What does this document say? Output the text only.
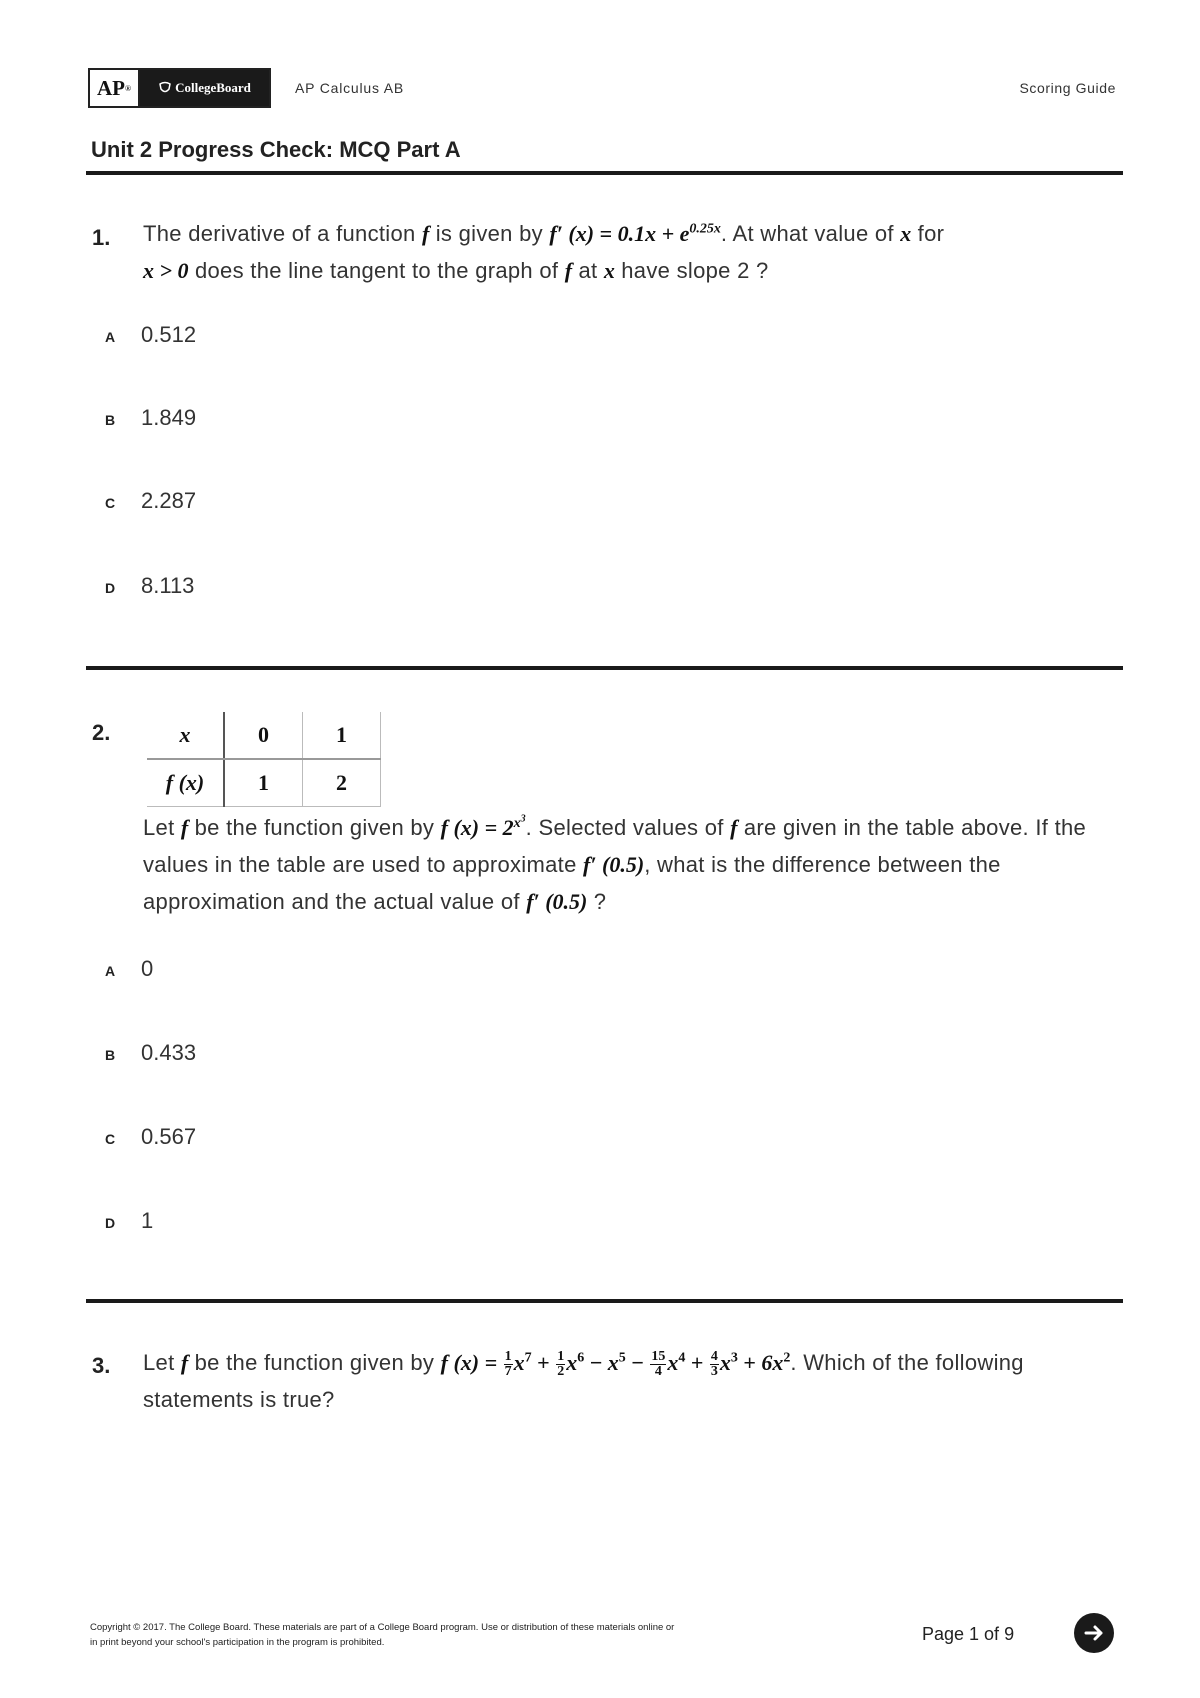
AP ®	CollegeBoard	AP Calculus AB	Scoring Guide
Unit 2 Progress Check: MCQ Part A
1. The derivative of a function f is given by f′ $(x) = 0.1x + e^{0.25x}$. At what value of x for
x > 0 does the line tangent to the graph of f at x have slope 2 ?
A 0.512
B 1.849
C 2.287
D 8.113
2.	x	0	1
f (x)	1	2
Let f be the function given by f $(x) = 2^{x^3}$. Selected values of f are given in the table above. If the values in the table are used to approximate f′ (0.5), what is the difference between the approximation and the actual value of f′ (0.5) ?
A 0
B 0.433
C 0.567
D 1
3. Let f be the function given by f $(x) = \frac{1}{7} x^7 + \frac{1}{2} x^6 - x^5 - \frac{15}{4} x^4 + \frac{4}{3} x^3 + 6x^2$. Which of the following statements is true?
Copyright © 2017. The College Board. These materials are part of a College Board program. Use or distribution of these materials online or
in print beyond your school's participation in the program is prohibited.	Page 1 of 9
